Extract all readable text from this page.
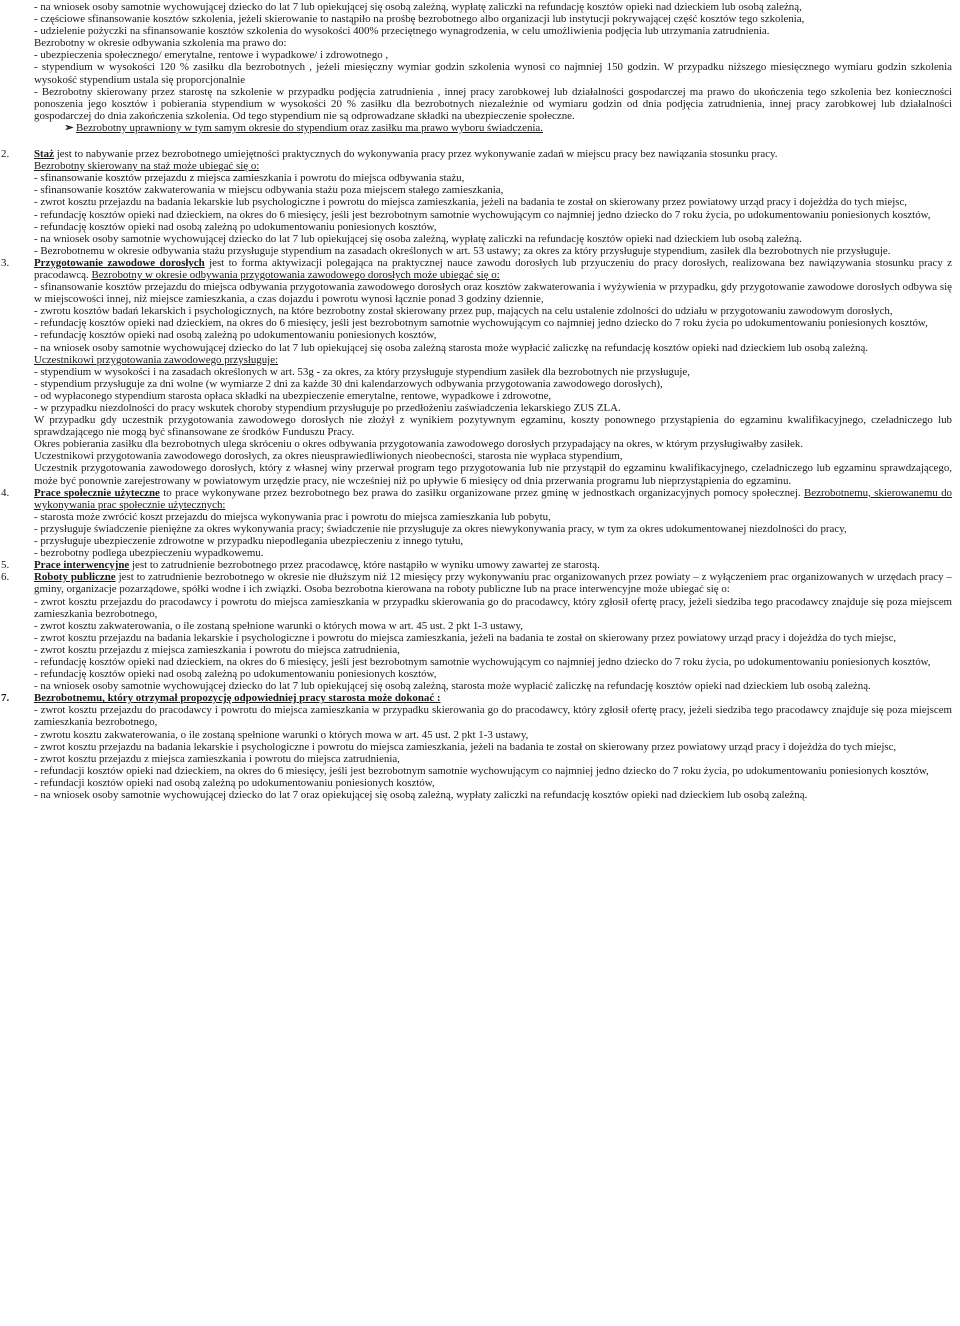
- na wniosek osoby samotnie wychowującej dziecko do lat 7 lub opiekującej się osobą zależną, wypłatę zaliczki na refundację kosztów opieki nad dzieckiem lub osobą zależną,

- częściowe sfinansowanie kosztów szkolenia, jeżeli skierowanie to nastąpiło na prośbę bezrobotnego albo organizacji lub instytucji pokrywającej część kosztów tego szkolenia,

- udzielenie pożyczki na sfinansowanie kosztów szkolenia do wysokości 400% przeciętnego wynagrodzenia, w celu umożliwienia podjęcia lub utrzymania zatrudnienia.

Bezrobotny w okresie odbywania szkolenia ma prawo do:

- ubezpieczenia społecznego/ emerytalne, rentowe i wypadkowe/ i zdrowotnego ,

- stypendium w wysokości 120 % zasiłku dla bezrobotnych , jeżeli miesięczny wymiar godzin szkolenia wynosi co najmniej 150 godzin. W przypadku niższego miesięcznego wymiaru godzin szkolenia wysokość stypendium ustala się proporcjonalnie

- Bezrobotny skierowany przez starostę na szkolenie w przypadku podjęcia zatrudnienia , innej pracy zarobkowej lub działalności gospodarczej ma prawo do ukończenia tego szkolenia bez konieczności ponoszenia jego kosztów i pobierania stypendium w wysokości 20 % zasiłku dla bezrobotnych niezależnie od wymiaru godzin od dnia podjęcia zatrudnienia, innej pracy zarobkowej lub działalności gospodarczej do dnia zakończenia szkolenia. Od tego stypendium nie są odprowadzane składki na ubezpieczenie społeczne.

➢ Bezrobotny uprawniony w tym samym okresie do stypendium oraz zasiłku ma prawo wyboru świadczenia.

2. Staż jest to nabywanie przez bezrobotnego umiejętności praktycznych do wykonywania pracy przez wykonywanie zadań w miejscu pracy bez nawiązania stosunku pracy.

Bezrobotny skierowany na staż może ubiegać się o:

- sfinansowanie kosztów przejazdu z miejsca zamieszkania i powrotu do miejsca odbywania stażu,

- sfinansowanie kosztów zakwaterowania w miejscu odbywania stażu poza miejscem stałego zamieszkania,

- zwrot kosztu przejazdu na badania lekarskie lub psychologiczne i powrotu do miejsca zamieszkania, jeżeli na badania te został on skierowany przez powiatowy urząd pracy i dojeżdża do tych miejsc,

- refundację kosztów opieki nad dzieckiem, na okres do 6 miesięcy, jeśli jest bezrobotnym samotnie wychowującym co najmniej jedno dziecko do 7 roku życia, po udokumentowaniu poniesionych kosztów,

- refundację kosztów opieki nad osobą zależną po udokumentowaniu poniesionych kosztów,

- na wniosek osoby samotnie wychowującej dziecko do lat 7 lub opiekującej się osoba zależną, wypłatę zaliczki na refundację kosztów opieki nad dzieckiem lub osobą zależną.

- Bezrobotnemu w okresie odbywania stażu przysługuje stypendium na zasadach określonych w art. 53 ustawy; za okres za który przysługuje stypendium, zasiłek dla bezrobotnych nie przysługuje.

3. Przygotowanie zawodowe dorosłych jest to forma aktywizacji polegająca na praktycznej nauce zawodu dorosłych lub przyuczeniu do pracy dorosłych, realizowana bez nawiązywania stosunku pracy z pracodawcą. Bezrobotny w okresie odbywania przygotowania zawodowego dorosłych może ubiegać się o:

- sfinansowanie kosztów przejazdu do miejsca odbywania przygotowania zawodowego dorosłych oraz kosztów zakwaterowania i wyżywienia w przypadku, gdy przygotowanie zawodowe dorosłych odbywa się w miejscowości innej, niż miejsce zamieszkania, a czas dojazdu i powrotu wynosi łącznie ponad 3 godziny dziennie,

- zwrotu kosztów badań lekarskich i psychologicznych, na które bezrobotny został skierowany przez pup, mających na celu ustalenie zdolności do udziału w przygotowaniu zawodowym dorosłych,

- refundację kosztów opieki nad dzieckiem, na okres do 6 miesięcy, jeśli jest bezrobotnym samotnie wychowującym co najmniej jedno dziecko do 7 roku życia po udokumentowaniu poniesionych kosztów,

- refundację kosztów opieki nad osobą zależną po udokumentowaniu poniesionych kosztów,

- na wniosek osoby samotnie wychowującej dziecko do lat 7 lub opiekującej się osoba zależną starosta może wypłacić zaliczkę na refundację kosztów opieki nad dzieckiem lub osobą zależną.

Uczestnikowi przygotowania zawodowego przysługuje:

- stypendium w wysokości i na zasadach określonych w art. 53g - za okres, za który przysługuje stypendium zasiłek dla bezrobotnych nie przysługuje,

- stypendium przysługuje za dni wolne (w wymiarze 2 dni za każde 30 dni kalendarzowych odbywania przygotowania zawodowego dorosłych),

- od wypłaconego stypendium starosta opłaca składki na ubezpieczenie emerytalne, rentowe, wypadkowe i zdrowotne,

- w przypadku niezdolności do pracy wskutek choroby stypendium przysługuje po przedłożeniu zaświadczenia lekarskiego ZUS ZLA.

W przypadku gdy uczestnik przygotowania zawodowego dorosłych nie złożył z wynikiem pozytywnym egzaminu, koszty ponownego przystąpienia do egzaminu kwalifikacyjnego, czeladniczego lub sprawdzającego nie mogą być sfinansowane ze środków Funduszu Pracy.

Okres pobierania zasiłku dla bezrobotnych ulega skróceniu o okres odbywania przygotowania zawodowego dorosłych przypadający na okres, w którym przysługiwałby zasiłek.

Uczestnikowi przygotowania zawodowego dorosłych, za okres nieusprawiedliwionych nieobecności, starosta nie wypłaca stypendium,

Uczestnik przygotowania zawodowego dorosłych, który z własnej winy przerwał program tego przygotowania lub nie przystąpił do egzaminu kwalifikacyjnego, czeladniczego lub egzaminu sprawdzającego, może być ponownie zarejestrowany w powiatowym urzędzie pracy, nie wcześniej niż po upływie 6 miesięcy od dnia przerwania programu lub nieprzystąpienia do egzaminu.

4. Prace społecznie użyteczne to prace wykonywane przez bezrobotnego bez prawa do zasiłku organizowane przez gminę w jednostkach organizacyjnych pomocy społecznej. Bezrobotnemu, skierowanemu do wykonywania prac społecznie użytecznych:

- starosta może zwrócić koszt przejazdu do miejsca wykonywania prac i powrotu do miejsca zamieszkania lub pobytu,

- przysługuje świadczenie pieniężne za okres wykonywania pracy; świadczenie nie przysługuje za okres niewykonywania pracy, w tym za okres udokumentowanej niezdolności do pracy,

- przysługuje ubezpieczenie zdrowotne w przypadku niepodlegania ubezpieczeniu z innego tytułu,

- bezrobotny podlega ubezpieczeniu wypadkowemu.

5. Prace interwencyjne jest to zatrudnienie bezrobotnego przez pracodawcę, które nastąpiło w wyniku umowy zawartej ze starostą.

6. Roboty publiczne jest to zatrudnienie bezrobotnego w okresie nie dłuższym niż 12 miesięcy przy wykonywaniu prac organizowanych przez powiaty – z wyłączeniem prac organizowanych w urzędach pracy – gminy, organizacje pozarządowe, spółki wodne i ich związki. Osoba bezrobotna kierowana na roboty publiczne lub na prace interwencyjne może ubiegać się o:

- zwrot kosztu przejazdu do pracodawcy i powrotu do miejsca zamieszkania w przypadku skierowania go do pracodawcy, który zgłosił ofertę pracy, jeżeli siedziba tego pracodawcy znajduje się poza miejscem zamieszkania bezrobotnego,

- zwrot kosztu zakwaterowania, o ile zostaną spełnione warunki o których mowa w art. 45 ust. 2 pkt 1-3 ustawy,

- zwrot kosztu przejazdu na badania lekarskie i psychologiczne i powrotu do miejsca zamieszkania, jeżeli na badania te został on skierowany przez powiatowy urząd pracy i dojeżdża do tych miejsc,

- zwrot kosztu przejazdu z miejsca zamieszkania i powrotu do miejsca zatrudnienia,

- refundację kosztów opieki nad dzieckiem, na okres do 6 miesięcy, jeśli jest bezrobotnym samotnie wychowującym co najmniej jedno dziecko do 7 roku życia, po udokumentowaniu poniesionych kosztów,

- refundację kosztów opieki nad osobą zależną po udokumentowaniu poniesionych kosztów,

- na wniosek osoby samotnie wychowującej dziecko do lat 7 lub opiekującej się osobą zależną, starosta może wypłacić zaliczkę na refundację kosztów opieki nad dzieckiem lub osobą zależną.

7. Bezrobotnemu, który otrzymał propozycję odpowiedniej pracy starosta może dokonać :

- zwrot kosztu przejazdu do pracodawcy i powrotu do miejsca zamieszkania w przypadku skierowania go do pracodawcy, który zgłosił ofertę pracy, jeżeli siedziba tego pracodawcy znajduje się poza miejscem zamieszkania bezrobotnego,

- zwrotu kosztu zakwaterowania, o ile zostaną spełnione warunki o których mowa w art. 45 ust. 2 pkt 1-3 ustawy,

- zwrot kosztu przejazdu na badania lekarskie i psychologiczne i powrotu do miejsca zamieszkania, jeżeli na badania te został on skierowany przez powiatowy urząd pracy i dojeżdża do tych miejsc,

- zwrot kosztu przejazdu z miejsca zamieszkania i powrotu do miejsca zatrudnienia,

- refundacji kosztów opieki nad dzieckiem, na okres do 6 miesięcy, jeśli jest bezrobotnym samotnie wychowującym co najmniej jedno dziecko do 7 roku życia, po udokumentowaniu poniesionych kosztów,

- refundacji kosztów opieki nad osobą zależną po udokumentowaniu poniesionych kosztów,

- na wniosek osoby samotnie wychowującej dziecko do lat 7 oraz opiekującej się osobą zależną, wypłaty zaliczki na refundację kosztów opieki nad dzieckiem lub osobą zależną.
